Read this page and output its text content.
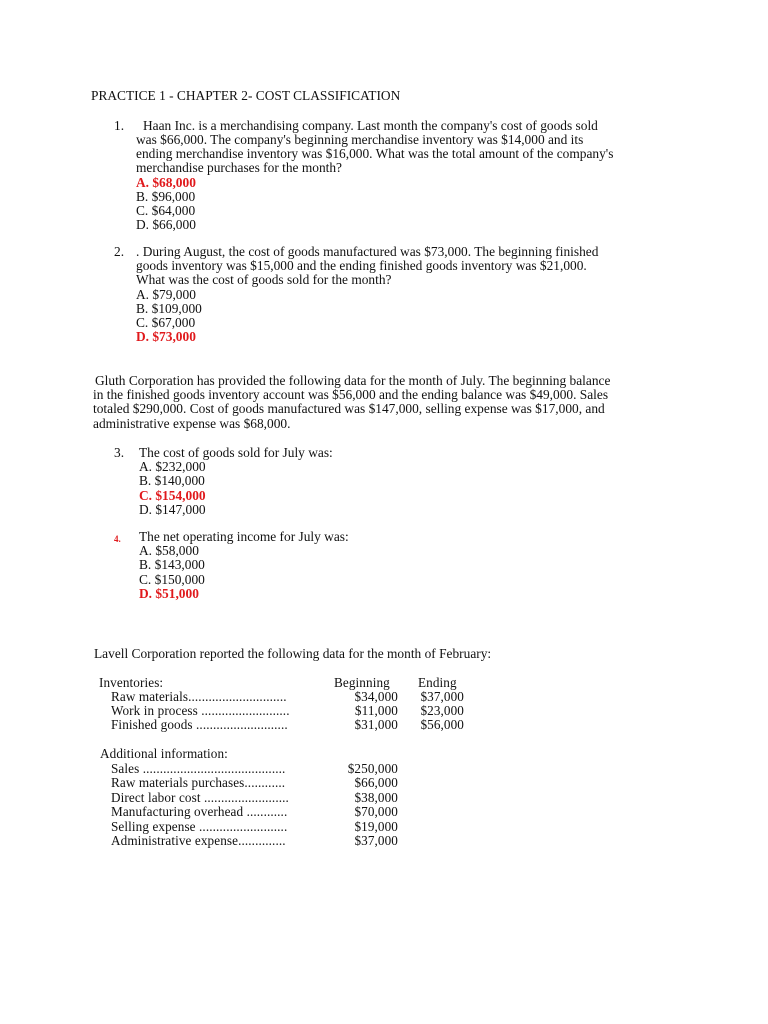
PRACTICE 1 - CHAPTER 2- COST CLASSIFICATION
1.	Haan Inc. is a merchandising company. Last month the company's cost of goods sold
was $66,000. The company's beginning merchandise inventory was $14,000 and its
ending merchandise inventory was $16,000. What was the total amount of the company's
merchandise purchases for the month?
A. $68,000
B. $96,000
C. $64,000
D. $66,000
2. . During August, the cost of goods manufactured was $73,000. The beginning finished
goods inventory was $15,000 and the ending finished goods inventory was $21,000.
What was the cost of goods sold for the month?
A. $79,000
B. $109,000
C. $67,000
D. $73,000
Gluth Corporation has provided the following data for the month of July. The beginning balance
in the finished goods inventory account was $56,000 and the ending balance was $49,000. Sales
totaled $290,000. Cost of goods manufactured was $147,000, selling expense was $17,000, and
administrative expense was $68,000.
3.	The cost of goods sold for July was:
A. $232,000
B. $140,000
C. $154,000
D. $147,000
4.	The net operating income for July was:
A. $58,000
B. $143,000
C. $150,000
D. $51,000
Lavell Corporation reported the following data for the month of February:
Inventories:	Beginning Ending
Raw materials.............................	$34,000	$37,000
Work in process ..........................	$11,000	$23,000
Finished goods ...........................	$31,000	$56,000
Additional information:
Sales ..........................................	$250,000
Raw materials purchases............	$66,000
Direct labor cost .........................	$38,000
Manufacturing overhead ............	$70,000
Selling expense ..........................	$19,000
Administrative expense..............	$37,000
